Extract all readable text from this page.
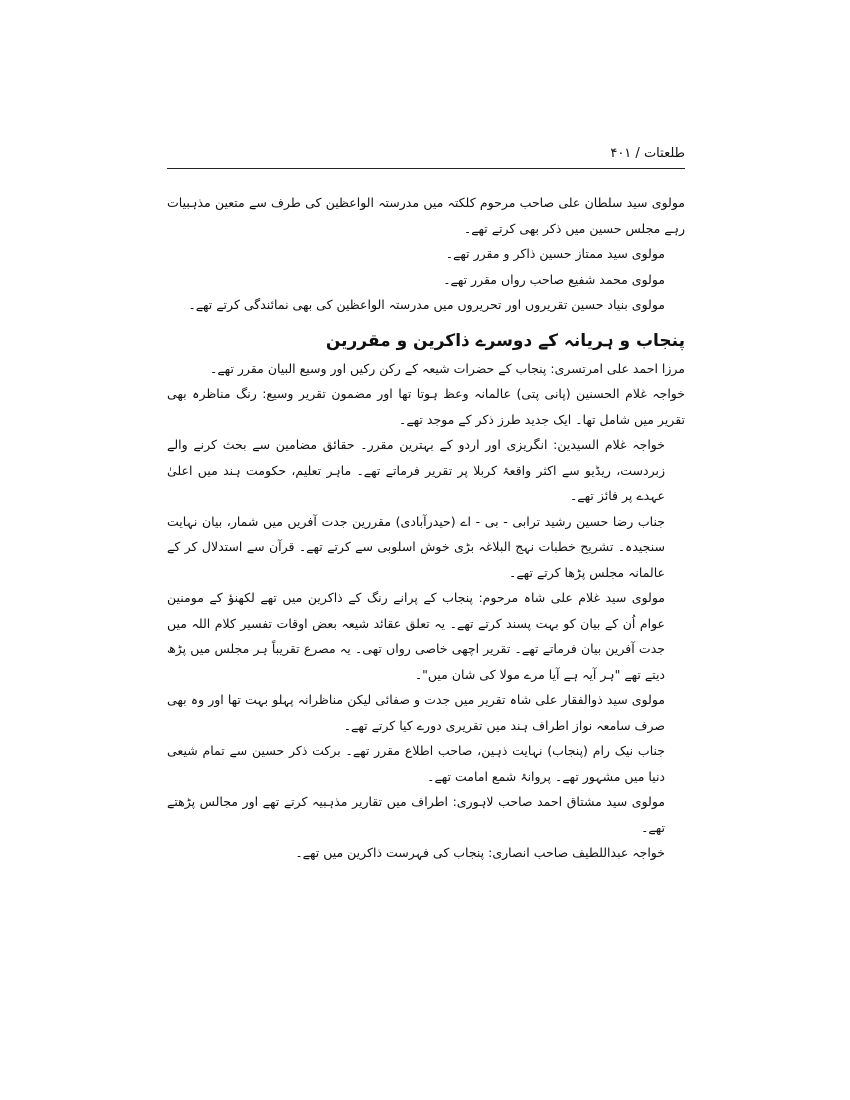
طلعتات / ۴۰۱

مولوی سید سلطان علی صاحب مرحوم کلکتہ میں مدرستہ الواعظین کی طرف سے متعین مذہبیات رہے مجلس حسین میں ذکر بھی کرتے تھے۔

مولوی سید ممتاز حسین ذاکر و مقرر تھے۔

مولوی محمد شفیع صاحب رواں مقرر تھے۔

مولوی بنیاد حسین تقریروں اور تحریروں میں مدرستہ الواعظین کی بھی نمائندگی کرتے تھے۔

پنجاب و ہریانہ کے دوسرے ذاکرین و مقررین

مرزا احمد علی امرتسری: پنجاب کے حضرات شیعہ کے رکن رکیں اور وسیع البیان مقرر تھے۔

خواجہ غلام الحسنین (پانی پتی) عالمانہ وعظ ہوتا تھا اور مضمون تقریر وسیع: رنگ مناظرہ بھی تقریر میں شامل تھا۔ ایک جدید طرز ذکر کے موجد تھے۔

خواجہ غلام السیدین: انگریزی اور اردو کے بہترین مقرر۔ حقائق مضامین سے بحث کرنے والے زبردست، ریڈیو سے اکثر واقعۂ کربلا پر تقریر فرماتے تھے۔ ماہر تعلیم، حکومت ہند میں اعلیٰ عہدے پر فائز تھے۔

جناب رضا حسین رشید ترابی - بی - اے (حیدرآبادی) مقررین جدت آفریں میں شمار، بیان نہایت سنجیدہ۔ تشریح خطبات نہج البلاغہ بڑی خوش اسلوبی سے کرتے تھے۔ قرآن سے استدلال کر کے عالمانہ مجلس پڑھا کرتے تھے۔

مولوی سید غلام علی شاہ مرحوم: پنجاب کے پرانے رنگ کے ذاکرین میں تھے لکھنؤ کے مومنین عوام اُن کے بیان کو بہت پسند کرتے تھے۔ یہ تعلق عقائد شیعہ بعض اوقات تفسیر کلام اللہ میں جدت آفرین بیان فرماتے تھے۔ تقریر اچھی خاصی رواں تھی۔ یہ مصرع تقریباً ہر مجلس میں پڑھ دیتے تھے "ہر آیہ ہے آیا مرے مولا کی شان میں"۔

مولوی سید ذوالفقار علی شاہ تقریر میں جدت و صفائی لیکن مناظرانہ پہلو بہت تھا اور وہ بھی صرف سامعہ نواز اطراف ہند میں تقریری دورے کیا کرتے تھے۔

جناب نیک رام (پنجاب) نہایت ذہین، صاحب اطلاع مقرر تھے۔ برکت ذکر حسین سے تمام شیعی دنیا میں مشہور تھے۔ پروانۂ شمع امامت تھے۔

مولوی سید مشتاق احمد صاحب لاہوری: اطراف میں تقاریر مذہبیہ کرتے تھے اور مجالس پڑھتے تھے۔

خواجہ عبداللطیف صاحب انصاری: پنجاب کی فہرست ذاکرین میں تھے۔
